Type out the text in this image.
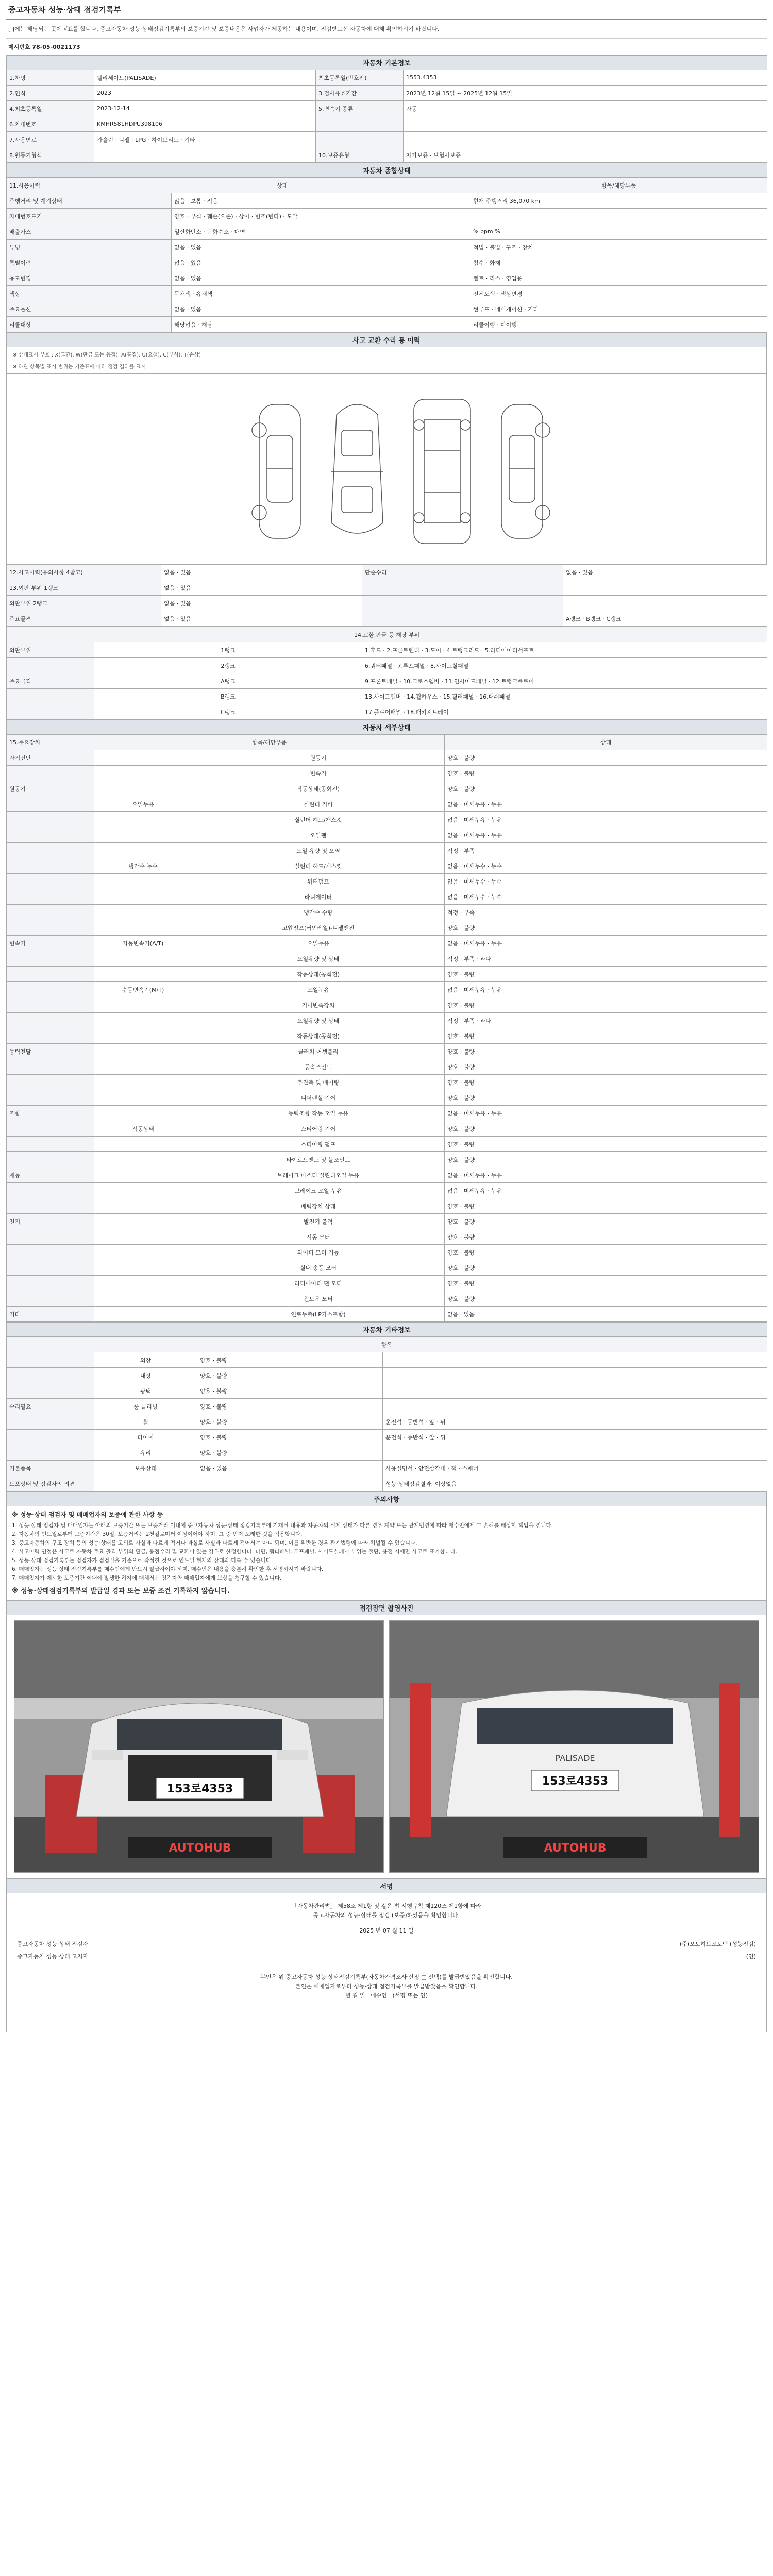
중고자동차 성능·상태 점검기록부
[ ]에는 해당되는 곳에 √표를 합니다. 중고자동차 성능·상태점검기록부의 보증기간 및 보증내용은 사업자가 제공하는 내용이며, 점검받으신 자동차에 대해 확인하시기 바랍니다.
제시번호 78-05-0021173
자동차 기본정보			
1.차명	펠리세이드(PALISADE)	최초등록일(번호판)	1553.4353
2.연식	2023	3.검사유효기간	2023년 12월 15일 ~ 2025년 12월 15일
4.최초등록일	2023-12-14	5.변속기 종류	자동
6.차대번호	KMHR581HDPU398106		
7.사용연료	가솔린 · 디젤 · LPG · 하이브리드 · 기타		
8.원동기형식		10.보증유형	자가보증 · 보험사보증
자동차 종합상태			
11.사용이력	상태		항목/해당부품
주행거리 및 계기상태		많음 · 보통 · 적음	현재 주행거리 36,070 km
차대번호표기		양호 · 부식 · 훼손(오손) · 상이 · 변조(변타) · 도말	
배출가스		일산화탄소 · 탄화수소 · 매연	% ppm %
튜닝		없음 · 있음	적법 · 불법 · 구조 · 장치
특별이력		없음 · 있음	침수 · 화재
용도변경		없음 · 있음	렌트 · 리스 · 영업용
색상		무채색 · 유채색	전체도색 · 색상변경
주요옵션		없음 · 있음	썬루프 · 네비게이션 · 기타
리콜대상		해당없음 · 해당	리콜이행 · 미이행
사고 교환 수리 등 이력

※ 상태표시 부호 : X(교환), W(판금 또는 용접), A(흠집), U(요철), C(부식), T(손상)
※ 하단 항목별 표시 범위는 기준표에 따라 점검 결과를 표시
12.사고이력(유의사항 4참고)	없음 · 있음	단순수리	없음 · 있음
13.외판 부위 1랭크	없음 · 있음		
외판부위 2랭크	없음 · 있음		
주요골격	없음 · 있음		A랭크 · B랭크 · C랭크
14.교환,판금 등 해당 부위		
외판부위	1랭크	1.후드 · 2.프론트펜더 · 3.도어 · 4.트렁크리드 · 5.라디에이터서포트
	2랭크	6.쿼터패널 · 7.루프패널 · 8.사이드실패널
주요골격	A랭크	9.프론트패널 · 10.크로스멤버 · 11.인사이드패널 · 12.트렁크플로어
	B랭크	13.사이드멤버 · 14.휠하우스 · 15.필러패널 · 16.대쉬패널
	C랭크	17.플로어패널 · 18.패키지트레이
자동차 세부상태			
15.주요장치	항목/해당부품		상태
자기진단		원동기	양호 · 불량
		변속기	양호 · 불량
원동기		작동상태(공회전)	양호 · 불량
	오일누유	실린더 커버	없음 · 미세누유 · 누유
		실린더 헤드/개스킷	없음 · 미세누유 · 누유
		오일팬	없음 · 미세누유 · 누유
		오일 유량 및 오염	적정 · 부족
	냉각수 누수	실린더 헤드/개스킷	없음 · 미세누수 · 누수
		워터펌프	없음 · 미세누수 · 누수
		라디에이터	없음 · 미세누수 · 누수
		냉각수 수량	적정 · 부족
		고압펌프(커먼레일)-디젤엔진	양호 · 불량
변속기	자동변속기(A/T)	오일누유	없음 · 미세누유 · 누유
		오일유량 및 상태	적정 · 부족 · 과다
		작동상태(공회전)	양호 · 불량
	수동변속기(M/T)	오일누유	없음 · 미세누유 · 누유
		기어변속장치	양호 · 불량
		오일유량 및 상태	적정 · 부족 · 과다
		작동상태(공회전)	양호 · 불량
동력전달		클러치 어셈블리	양호 · 불량
		등속조인트	양호 · 불량
		추진축 및 베어링	양호 · 불량
		디퍼렌셜 기어	양호 · 불량
조향		동력조향 작동 오일 누유	없음 · 미세누유 · 누유
	작동상태	스티어링 기어	양호 · 불량
		스티어링 펌프	양호 · 불량
		타이로드엔드 및 볼조인트	양호 · 불량
제동		브레이크 마스터 실린더오일 누유	없음 · 미세누유 · 누유
		브레이크 오일 누유	없음 · 미세누유 · 누유
		배력장치 상태	양호 · 불량
전기		발전기 출력	양호 · 불량
		시동 모터	양호 · 불량
		와이퍼 모터 기능	양호 · 불량
		실내 송풍 모터	양호 · 불량
		라디에이터 팬 모터	양호 · 불량
		윈도우 모터	양호 · 불량
기타		연료누출(LP가스포함)	없음 · 있음
자동차 기타정보			
항목			
	외장	양호 · 불량	
	내장	양호 · 불량	
	광택	양호 · 불량	
수리필요	룸 클리닝	양호 · 불량	
	휠	양호 · 불량	운전석 · 동반석 · 앞 · 뒤
	타이어	양호 · 불량	운전석 · 동반석 · 앞 · 뒤
	유리	양호 · 불량	
기본품목	보유상태	없음 · 있음	사용설명서 · 안전삼각대 · 잭 · 스패너
도포상태 및 점검자의 의견			성능·상태점검결과: 이상없음
주의사항

※ 성능·상태 점검자 및 매매업자의 보증에 관한 사항 등

1. 성능·상태 점검자 및 매매업자는 아래의 보증기간 또는 보증거리 이내에 중고자동차 성능·상태 점검기록부에 기재된 내용과 자동차의 실제 상태가 다른 경우 계약 또는 관계법령에 따라 매수인에게 그 손해를 배상할 책임을 집니다.

2. 자동차의 인도일로부터 보증기간은 30일, 보증거리는 2천킬로미터 이상이어야 하며, 그 중 먼저 도래한 것을 적용합니다.

3. 중고자동차의 구조·장치 등의 성능·상태를 고의로 사실과 다르게 적거나 과실로 사실과 다르게 적어서는 아니 되며, 이를 위반한 경우 관계법령에 따라 처벌될 수 있습니다.

4. 사고이력 인정은 사고로 자동차 주요 골격 부위의 판금, 용접수리 및 교환이 있는 경우로 한정합니다. 다만, 쿼터패널, 루프패널, 사이드실패널 부위는 절단, 용접 시에만 사고로 표기합니다.

5. 성능·상태 점검기록부는 점검자가 점검일을 기준으로 작성한 것으로 인도일 현재의 상태와 다를 수 있습니다.

6. 매매업자는 성능·상태 점검기록부를 매수인에게 반드시 발급하여야 하며, 매수인은 내용을 충분히 확인한 후 서명하시기 바랍니다.

7. 매매업자가 제시한 보증기간 이내에 발생한 하자에 대해서는 점검자와 매매업자에게 보상을 청구할 수 있습니다.

※ 성능·상태점검기록부의 발급일 경과 또는 보증 조건 기록하지 않습니다.

점검장면 촬영사진
153로4353
AUTOHUB
PALISADE
153로4353
AUTOHUB
서명
「자동차관리법」 제58조 제1항 및 같은 법 시행규칙 제120조 제1항에 따라
중고자동차의 성능·상태를 점검 (보증)하였음을 확인합니다.
2025 년 07 월 11 일
중고자동차 성능·상태 점검자	(주)오토허브오토텍 (성능점검)
중고자동차 성능·상태 고지자	(인)
본인은 위 중고자동차 성능·상태점검기록부(자동차가격조사·산정 □ 선택)를 발급받았음을 확인합니다.
본인은 매매업자로부터 성능·상태 점검기록부를 발급받았음을 확인합니다.
년 월 일 매수인 (서명 또는 인)
